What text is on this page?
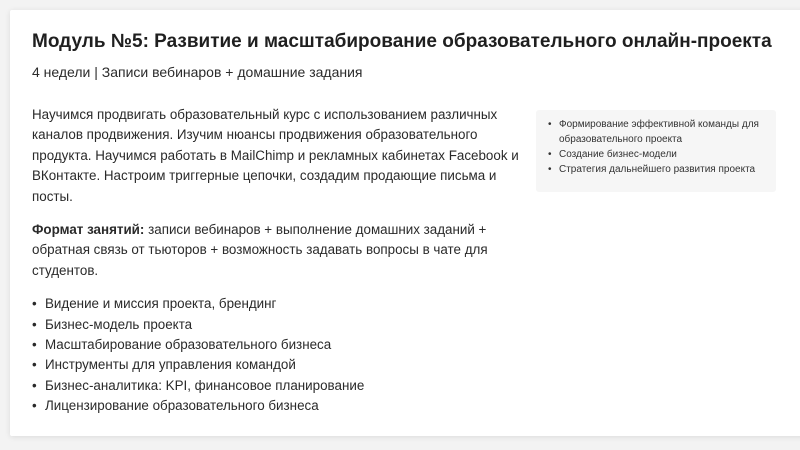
Модуль №5: Развитие и масштабирование образовательного онлайн-проекта
4 недели | Записи вебинаров + домашние задания

Научимся продвигать образовательный курс с использованием различных каналов продвижения. Изучим нюансы продвижения образовательного продукта. Научимся работать в MailChimp и рекламных кабинетах Facebook и ВКонтакте. Настроим триггерные цепочки, создадим продающие письма и посты.

Формат занятий: записи вебинаров + выполнение домашних заданий + обратная связь от тьюторов + возможность задавать вопросы в чате для студентов.

• Видение и миссия проекта, брендинг
• Бизнес-модель проекта
• Масштабирование образовательного бизнеса
• Инструменты для управления командой
• Бизнес-аналитика: KPI, финансовое планирование
• Лицензирование образовательного бизнеса
• Формирование эффективной команды для образовательного проекта
• Создание бизнес-модели
• Стратегия дальнейшего развития проекта
